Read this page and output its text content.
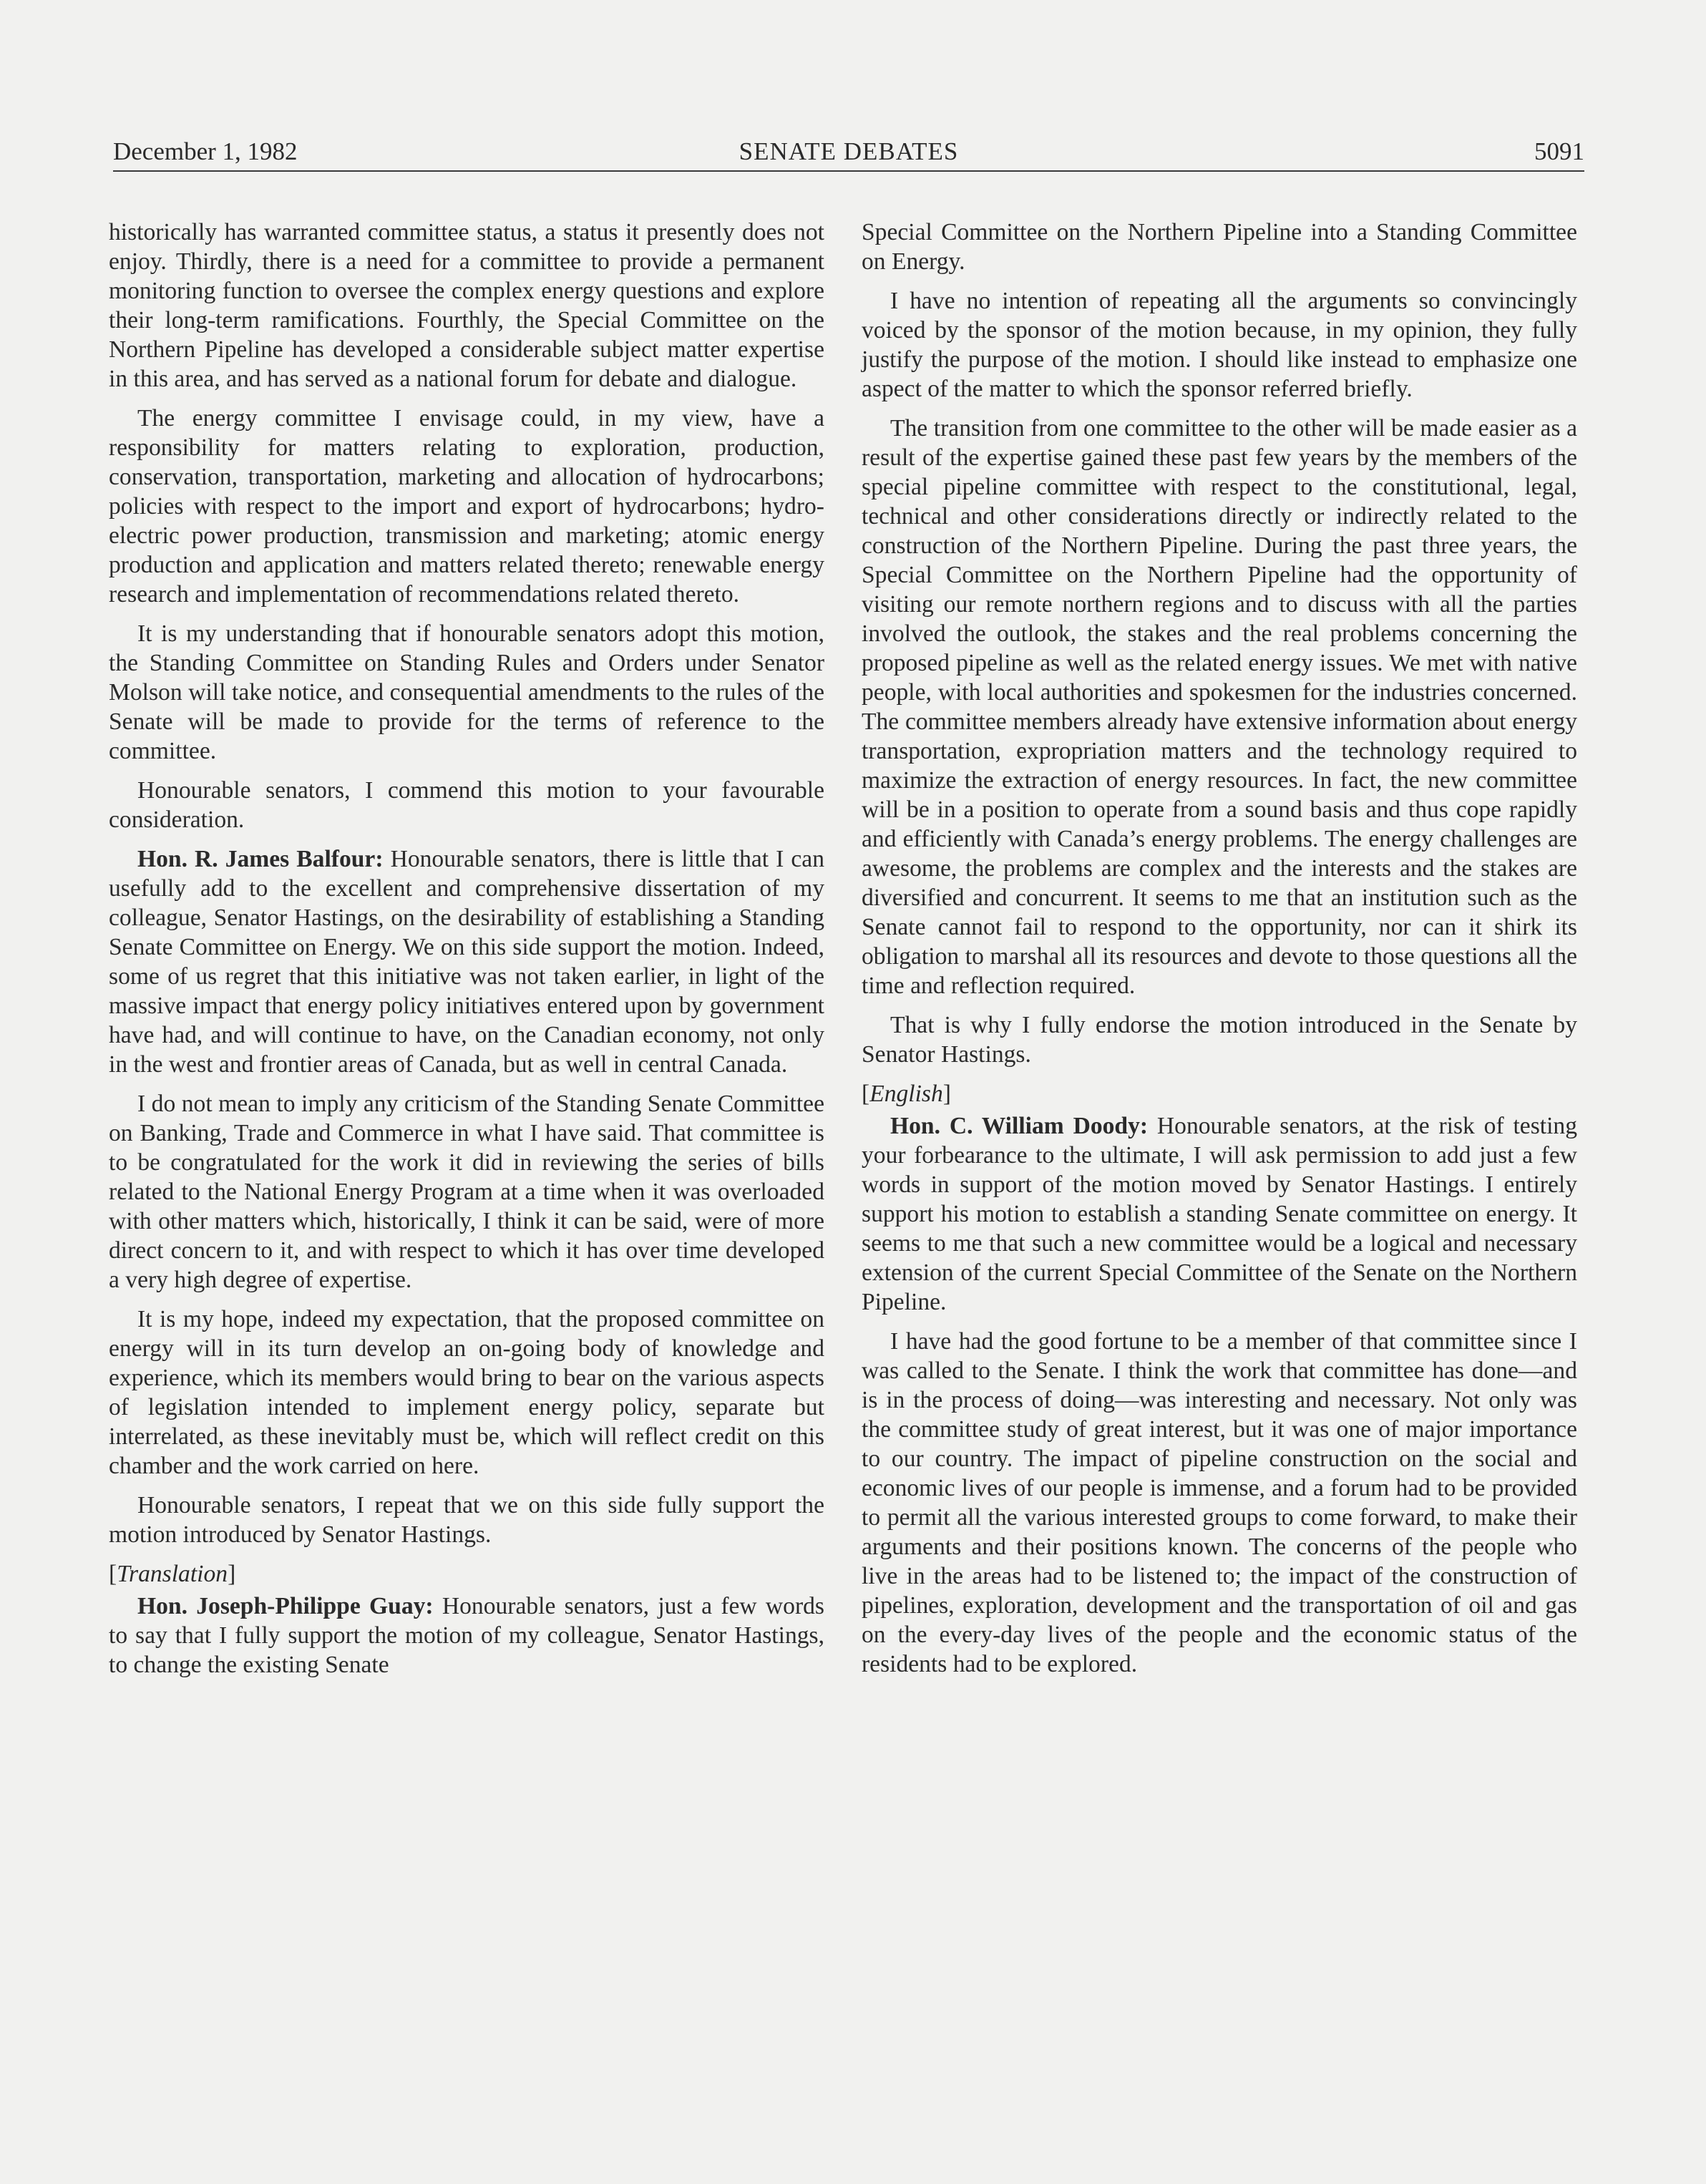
December 1, 1982	SENATE DEBATES	5091

historically has warranted committee status, a status it presently does not enjoy. Thirdly, there is a need for a committee to provide a permanent monitoring function to oversee the complex energy questions and explore their long-term ramifications. Fourthly, the Special Committee on the Northern Pipeline has developed a considerable subject matter expertise in this area, and has served as a national forum for debate and dialogue.

The energy committee I envisage could, in my view, have a responsibility for matters relating to exploration, production, conservation, transportation, marketing and allocation of hydrocarbons; policies with respect to the import and export of hydrocarbons; hydro-electric power production, transmission and marketing; atomic energy production and application and matters related thereto; renewable energy research and implementation of recommendations related thereto.

It is my understanding that if honourable senators adopt this motion, the Standing Committee on Standing Rules and Orders under Senator Molson will take notice, and consequential amendments to the rules of the Senate will be made to provide for the terms of reference to the committee.

Honourable senators, I commend this motion to your favourable consideration.

Hon. R. James Balfour: Honourable senators, there is little that I can usefully add to the excellent and comprehensive dissertation of my colleague, Senator Hastings, on the desirability of establishing a Standing Senate Committee on Energy. We on this side support the motion. Indeed, some of us regret that this initiative was not taken earlier, in light of the massive impact that energy policy initiatives entered upon by government have had, and will continue to have, on the Canadian economy, not only in the west and frontier areas of Canada, but as well in central Canada.

I do not mean to imply any criticism of the Standing Senate Committee on Banking, Trade and Commerce in what I have said. That committee is to be congratulated for the work it did in reviewing the series of bills related to the National Energy Program at a time when it was overloaded with other matters which, historically, I think it can be said, were of more direct concern to it, and with respect to which it has over time developed a very high degree of expertise.

It is my hope, indeed my expectation, that the proposed committee on energy will in its turn develop an on-going body of knowledge and experience, which its members would bring to bear on the various aspects of legislation intended to implement energy policy, separate but interrelated, as these inevitably must be, which will reflect credit on this chamber and the work carried on here.

Honourable senators, I repeat that we on this side fully support the motion introduced by Senator Hastings.

[Translation]

Hon. Joseph-Philippe Guay: Honourable senators, just a few words to say that I fully support the motion of my colleague, Senator Hastings, to change the existing Senate

Special Committee on the Northern Pipeline into a Standing Committee on Energy.

I have no intention of repeating all the arguments so convincingly voiced by the sponsor of the motion because, in my opinion, they fully justify the purpose of the motion. I should like instead to emphasize one aspect of the matter to which the sponsor referred briefly.

The transition from one committee to the other will be made easier as a result of the expertise gained these past few years by the members of the special pipeline committee with respect to the constitutional, legal, technical and other considerations directly or indirectly related to the construction of the Northern Pipeline. During the past three years, the Special Committee on the Northern Pipeline had the opportunity of visiting our remote northern regions and to discuss with all the parties involved the outlook, the stakes and the real problems concerning the proposed pipeline as well as the related energy issues. We met with native people, with local authorities and spokesmen for the industries concerned. The committee members already have extensive information about energy transportation, expropriation matters and the technology required to maximize the extraction of energy resources. In fact, the new committee will be in a position to operate from a sound basis and thus cope rapidly and efficiently with Canada’s energy problems. The energy challenges are awesome, the problems are complex and the interests and the stakes are diversified and concurrent. It seems to me that an institution such as the Senate cannot fail to respond to the opportunity, nor can it shirk its obligation to marshal all its resources and devote to those questions all the time and reflection required.

That is why I fully endorse the motion introduced in the Senate by Senator Hastings.

[English]

Hon. C. William Doody: Honourable senators, at the risk of testing your forbearance to the ultimate, I will ask permission to add just a few words in support of the motion moved by Senator Hastings. I entirely support his motion to establish a standing Senate committee on energy. It seems to me that such a new committee would be a logical and necessary extension of the current Special Committee of the Senate on the Northern Pipeline.

I have had the good fortune to be a member of that committee since I was called to the Senate. I think the work that committee has done—and is in the process of doing—was interesting and necessary. Not only was the committee study of great interest, but it was one of major importance to our country. The impact of pipeline construction on the social and economic lives of our people is immense, and a forum had to be provided to permit all the various interested groups to come forward, to make their arguments and their positions known. The concerns of the people who live in the areas had to be listened to; the impact of the construction of pipelines, exploration, development and the transportation of oil and gas on the every-day lives of the people and the economic status of the residents had to be explored.
